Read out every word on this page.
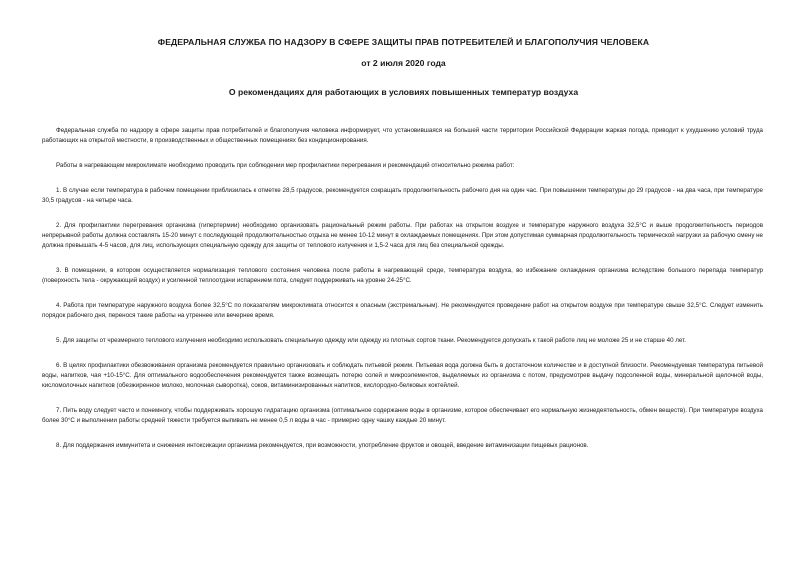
ФЕДЕРАЛЬНАЯ СЛУЖБА ПО НАДЗОРУ В СФЕРЕ ЗАЩИТЫ ПРАВ ПОТРЕБИТЕЛЕЙ И БЛАГОПОЛУЧИЯ ЧЕЛОВЕКА
от 2 июля 2020 года
О рекомендациях для работающих в условиях повышенных температур воздуха

Федеральная служба по надзору в сфере защиты прав потребителей и благополучия человека информирует, что установившаяся на большей части территории Российской Федерации жаркая погода, приводит к ухудшению условий труда работающих на открытой местности, в производственных и общественных помещениях без кондиционирования.

Работы в нагревающем микроклимате необходимо проводить при соблюдении мер профилактики перегревания и рекомендаций относительно режима работ:

1. В случае если температура в рабочем помещении приблизилась к отметке 28,5 градусов, рекомендуется сокращать продолжительность рабочего дня на один час. При повышении температуры до 29 градусов - на два часа, при температуре 30,5 градусов - на четыре часа.

2. Для профилактики перегревания организма (гипертермии) необходимо организовать рациональный режим работы. При работах на открытом воздухе и температуре наружного воздуха 32,5°С и выше продолжительность периодов непрерывной работы должна составлять 15-20 минут с последующей продолжительностью отдыха не менее 10-12 минут в охлаждаемых помещениях. При этом допустимая суммарная продолжительность термической нагрузки за рабочую смену не должна превышать 4-5 часов, для лиц, использующих специальную одежду для защиты от теплового излучения и 1,5-2 часа для лиц без специальной одежды.

3. В помещении, в котором осуществляется нормализация теплового состояния человека после работы в нагревающей среде, температура воздуха, во избежание охлаждения организма вследствие большого перепада температур (поверхность тела - окружающий воздух) и усиленной теплоотдачи испарением пота, следует поддерживать на уровне 24-25°С.

4. Работа при температуре наружного воздуха более 32,5°С по показателям микроклимата относится к опасным (экстремальным). Не рекомендуется проведение работ на открытом воздухе при температуре свыше 32,5°С. Следует изменить порядок рабочего дня, перенося такие работы на утреннее или вечернее время.

5. Для защиты от чрезмерного теплового излучения необходимо использовать специальную одежду или одежду из плотных сортов ткани. Рекомендуется допускать к такой работе лиц не моложе 25 и не старше 40 лет.

6. В целях профилактики обезвоживания организма рекомендуется правильно организовать и соблюдать питьевой режим. Питьевая вода должна быть в достаточном количестве и в доступной близости. Рекомендуемая температура питьевой воды, напитков, чая +10-15°С. Для оптимального водообеспечения рекомендуется также возмещать потерю солей и микроэлементов, выделяемых из организма с потом, предусмотрев выдачу подсоленной воды, минеральной щелочной воды, кисломолочных напитков (обезжиренное молоко, молочная сыворотка), соков, витаминизированных напитков, кислородно-белковых коктейлей.

7. Пить воду следует часто и понемногу, чтобы поддерживать хорошую гидратацию организма (оптимальное содержание воды в организме, которое обеспечивает его нормальную жизнедеятельность, обмен веществ). При температуре воздуха более 30°С и выполнении работы средней тяжести требуется выпивать не менее 0,5 л воды в час - примерно одну чашку каждые 20 минут.

8. Для поддержания иммунитета и снижения интоксикации организма рекомендуется, при возможности, употребление фруктов и овощей, введение витаминизации пищевых рационов.
